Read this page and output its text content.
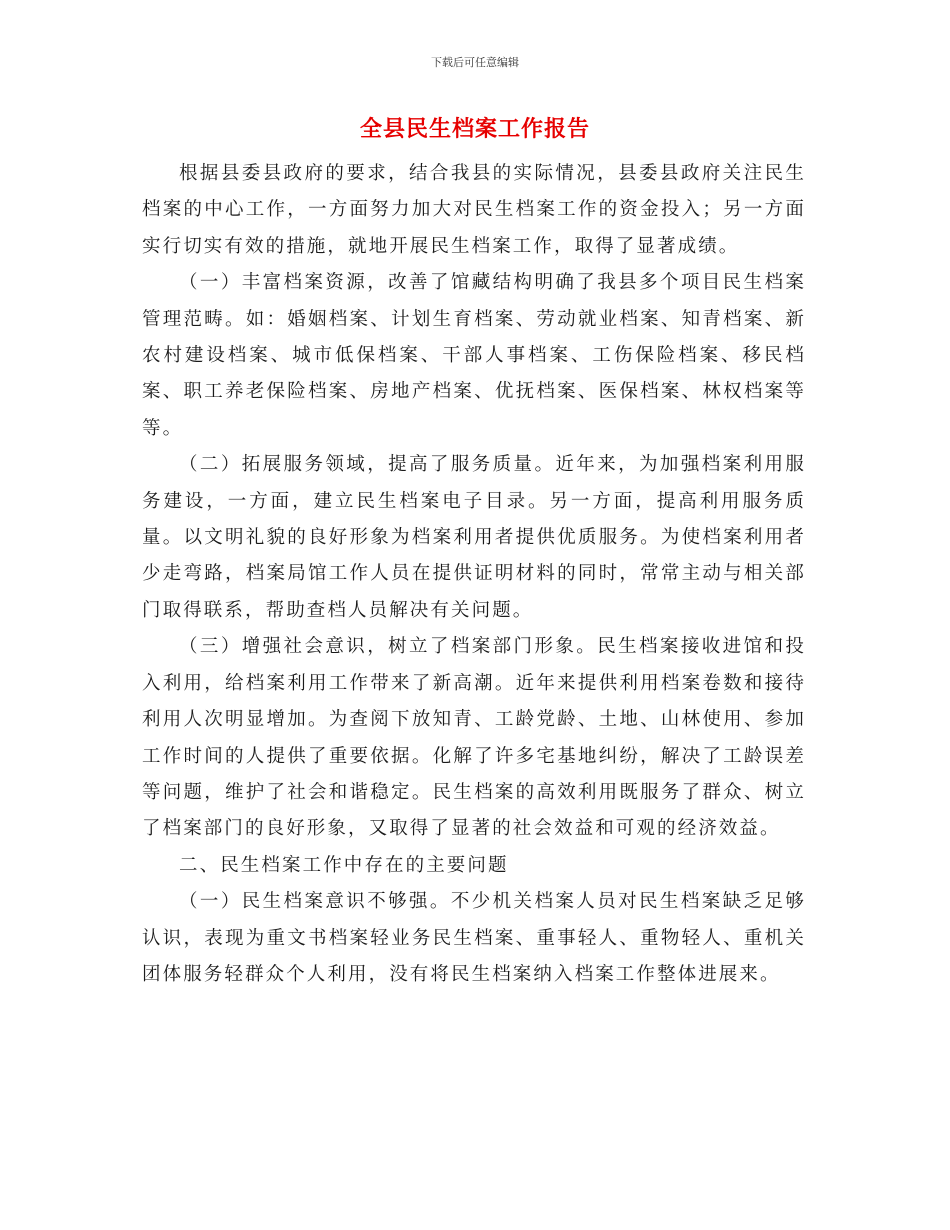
下载后可任意编辑
全县民生档案工作报告

根据县委县政府的要求，结合我县的实际情况，县委县政府关注民生档案的中心工作，一方面努力加大对民生档案工作的资金投入；另一方面实行切实有效的措施，就地开展民生档案工作，取得了显著成绩。

（一）丰富档案资源，改善了馆藏结构明确了我县多个项目民生档案管理范畴。如：婚姻档案、计划生育档案、劳动就业档案、知青档案、新农村建设档案、城市低保档案、干部人事档案、工伤保险档案、移民档案、职工养老保险档案、房地产档案、优抚档案、医保档案、林权档案等等。

（二）拓展服务领域，提高了服务质量。近年来，为加强档案利用服务建设，一方面，建立民生档案电子目录。另一方面，提高利用服务质量。以文明礼貌的良好形象为档案利用者提供优质服务。为使档案利用者少走弯路，档案局馆工作人员在提供证明材料的同时，常常主动与相关部门取得联系，帮助查档人员解决有关问题。

（三）增强社会意识，树立了档案部门形象。民生档案接收进馆和投入利用，给档案利用工作带来了新高潮。近年来提供利用档案卷数和接待利用人次明显增加。为查阅下放知青、工龄党龄、土地、山林使用、参加工作时间的人提供了重要依据。化解了许多宅基地纠纷，解决了工龄误差等问题，维护了社会和谐稳定。民生档案的高效利用既服务了群众、树立了档案部门的良好形象，又取得了显著的社会效益和可观的经济效益。

二、民生档案工作中存在的主要问题

（一）民生档案意识不够强。不少机关档案人员对民生档案缺乏足够认识，表现为重文书档案轻业务民生档案、重事轻人、重物轻人、重机关团体服务轻群众个人利用，没有将民生档案纳入档案工作整体进展来。
